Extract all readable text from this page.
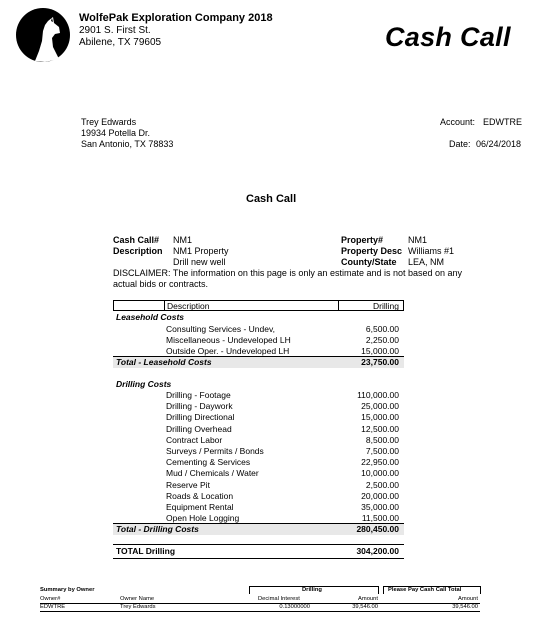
WolfePak Exploration Company 2018
2901 S. First St.
Abilene, TX 79605	Cash Call
Trey Edwards
19934 Potella Dr.
San Antonio, TX 78833
Account: EDWTRE
Date: 06/24/2018
Cash Call
Cash Call# NM1
Description NM1 Property
Drill new well
Property#	NM1
Property Desc Williams #1
County/State LEA, NM
DISCLAIMER: The information on this page is only an estimate and is not based on any
actual bids or contracts.
Description	Drilling
Leasehold Costs
Consulting Services - Undev,	6,500.00
Miscellaneous - Undeveloped LH	2,250.00
Outside Oper. - Undeveloped LH	15,000.00
Total - Leasehold Costs	23,750.00
Drilling Costs
Drilling - Footage	110,000.00
Drilling - Daywork	25,000.00
Drilling Directional	15,000.00
Drilling Overhead	12,500.00
Contract Labor	8,500.00
Surveys / Permits / Bonds	7,500.00
Cementing & Services	22,950.00
Mud / Chemicals / Water	10,000.00
Reserve Pit	2,500.00
Roads & Location	20,000.00
Equipment Rental	35,000.00
Open Hole Logging	11,500.00
Total - Drilling Costs	280,450.00
TOTAL Drilling	304,200.00
Summary by Owner	Drilling	Please Pay Cash Call Total
Owner#	Owner Name	Decimal Interest	Amount	Amount
EDWTRE	Trey Edwards	0.13000000	39,546.00	39,546.00
